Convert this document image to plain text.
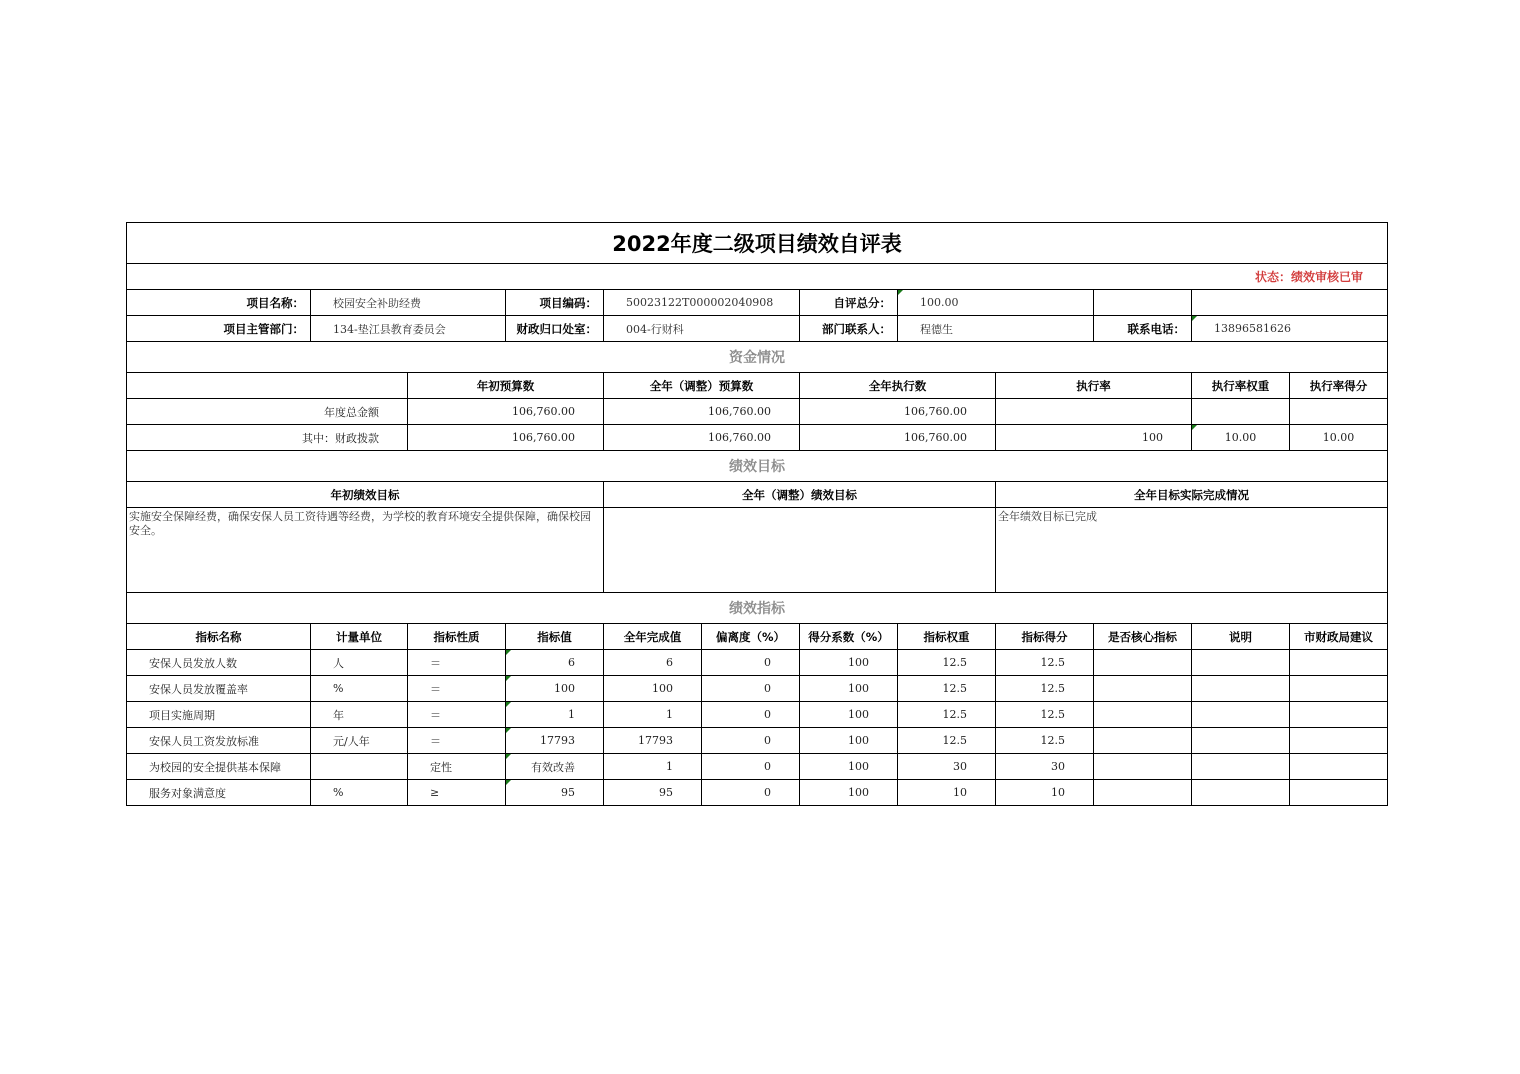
2022年度二级项目绩效自评表											
状态：绩效审核已审											
项目名称：	校园安全补助经费		项目编码：	50023122T000002040908		自评总分：	100.00				
项目主管部门：	134-垫江县教育委员会		财政归口处室：	004-行财科		部门联系人：	程德生		联系电话：	13896581626	
资金情况											
		年初预算数		全年（调整）预算数		全年执行数		执行率		执行率权重	执行率得分
年度总金额		106,760.00		106,760.00		106,760.00					
其中：财政拨款		106,760.00		106,760.00		106,760.00		100		10.00	10.00
绩效目标											
年初绩效目标				全年（调整）绩效目标				全年目标实际完成情况			
实施安全保障经费，确保安保人员工资待遇等经费，为学校的教育环境安全提供保障，确保校园安全。								全年绩效目标已完成			
绩效指标											
指标名称	计量单位	指标性质	指标值	全年完成值	偏离度（%）	得分系数（%）	指标权重	指标得分	是否核心指标	说明	市财政局建议
安保人员发放人数	人	＝	6	6	0	100	12.5	12.5			
安保人员发放覆盖率	%	＝	100	100	0	100	12.5	12.5			
项目实施周期	年	＝	1	1	0	100	12.5	12.5			
安保人员工资发放标准	元/人年	＝	17793	17793	0	100	12.5	12.5			
为校园的安全提供基本保障		定性	有效改善	1	0	100	30	30			
服务对象满意度	%	≥	95	95	0	100	10	10			
